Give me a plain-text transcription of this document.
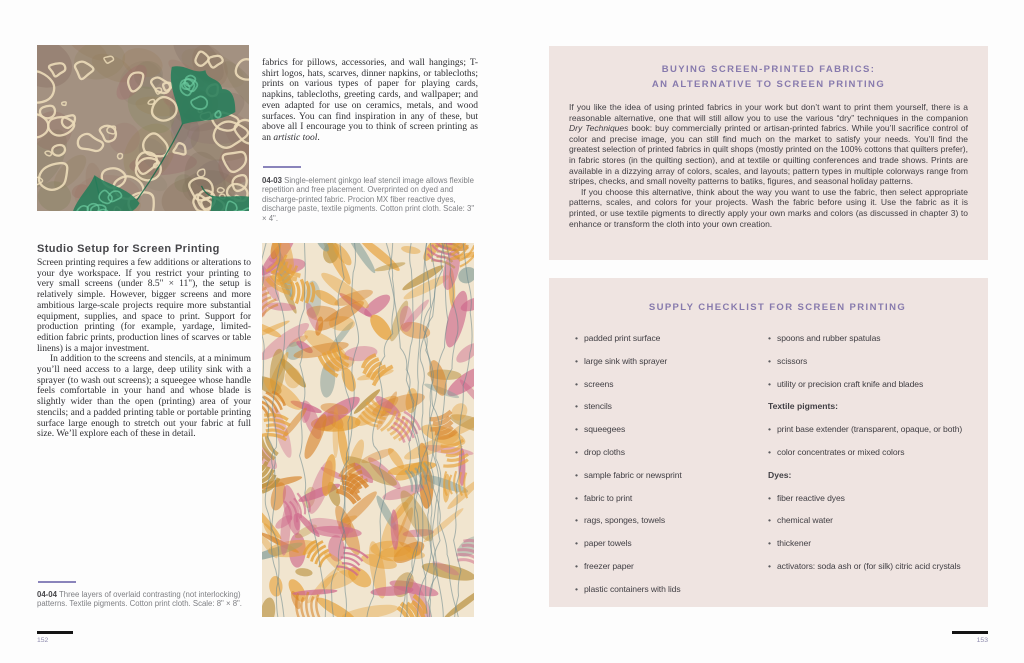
fabrics for pillows, accessories, and wall hangings; T-shirt logos, hats, scarves, dinner napkins, or tablecloths; prints on various types of paper for playing cards, napkins, tablecloths, greeting cards, and wallpaper; and even adapted for use on ceramics, metals, and wood surfaces. You can find inspiration in any of these, but above all I encourage you to think of screen printing as an artistic tool.

04-03 Single-element ginkgo leaf stencil image allows flexible repetition and free placement. Overprinted on dyed and discharge-printed fabric. Procion MX fiber reactive dyes, discharge paste, textile pigments. Cotton print cloth. Scale: 3" × 4".

Studio Setup for Screen Printing

Screen printing requires a few additions or alterations to your dye workspace. If you restrict your printing to very small screens (under 8.5" × 11"), the setup is relatively simple. However, bigger screens and more ambitious large-scale projects require more substantial equipment, supplies, and space to print. Support for production printing (for example, yardage, limited-edition fabric prints, production lines of scarves or table linens) is a major investment.

In addition to the screens and stencils, at a minimum you’ll need access to a large, deep utility sink with a sprayer (to wash out screens); a squeegee whose handle feels comfortable in your hand and whose blade is slightly wider than the open (printing) area of your stencils; and a padded printing table or portable printing surface large enough to stretch out your fabric at full size. We’ll explore each of these in detail.

04-04 Three layers of overlaid contrasting (not interlocking) patterns. Textile pigments. Cotton print cloth. Scale: 8" × 8".

152
BUYING SCREEN-PRINTED FABRICS:
AN ALTERNATIVE TO SCREEN PRINTING

If you like the idea of using printed fabrics in your work but don’t want to print them yourself, there is a reasonable alternative, one that will still allow you to use the various “dry” techniques in the companion Dry Techniques book: buy commercially printed or artisan-printed fabrics. While you’ll sacrifice control of color and precise image, you can still find much on the market to satisfy your needs. You’ll find the greatest selection of printed fabrics in quilt shops (mostly printed on the 100% cottons that quilters prefer), in fabric stores (in the quilting section), and at textile or quilting conferences and trade shows. Prints are available in a dizzying array of colors, scales, and layouts; pattern types in multiple colorways range from stripes, checks, and small novelty patterns to batiks, figures, and seasonal holiday patterns.

If you choose this alternative, think about the way you want to use the fabric, then select appropriate patterns, scales, and colors for your projects. Wash the fabric before using it. Use the fabric as it is printed, or use textile pigments to directly apply your own marks and colors (as discussed in chapter 3) to enhance or transform the cloth into your own creation.

SUPPLY CHECKLIST FOR SCREEN PRINTING
• padded print surface
• large sink with sprayer
• screens
• stencils
• squeegees
• drop cloths
• sample fabric or newsprint
• fabric to print
• rags, sponges, towels
• paper towels
• freezer paper
• plastic containers with lids
• spoons and rubber spatulas
• scissors
• utility or precision craft knife and blades
Textile pigments:
• print base extender (transparent, opaque, or both)
• color concentrates or mixed colors
Dyes:
• fiber reactive dyes
• chemical water
• thickener
• activators: soda ash or (for silk) citric acid crystals
153
